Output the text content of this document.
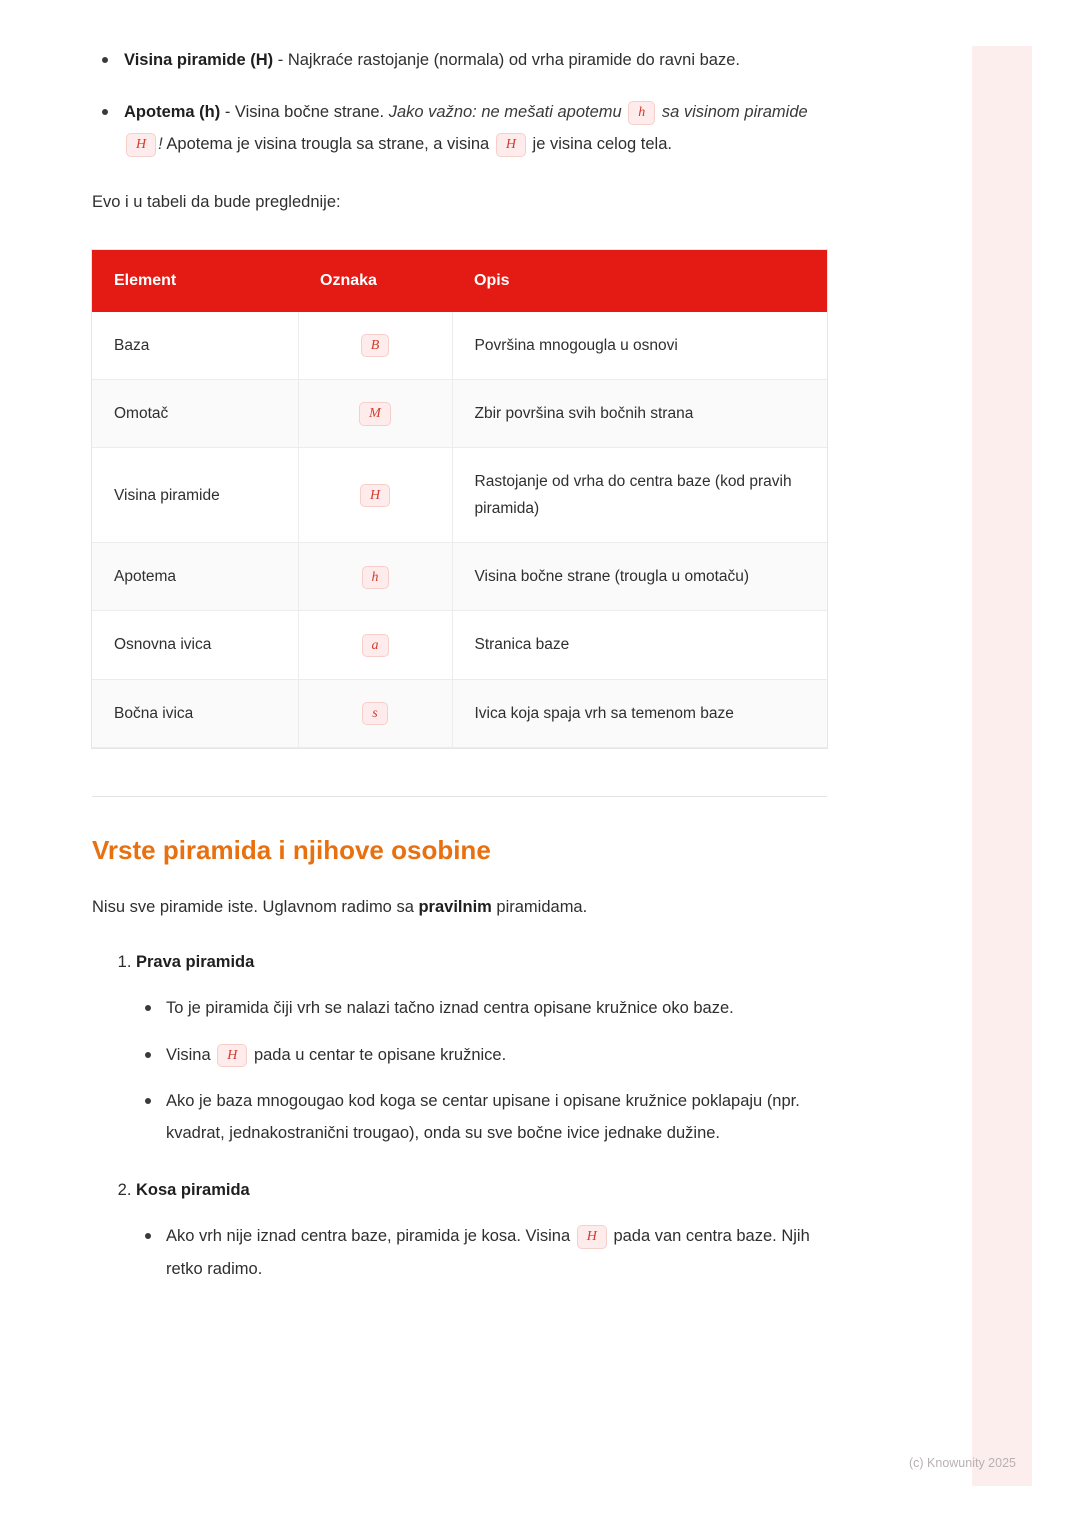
Visina piramide (H) - Najkraće rastojanje (normala) od vrha piramide do ravni baze.
Apotema (h) - Visina bočne strane. Jako važno: ne mešati apotemu h sa visinom piramide H ! Apotema je visina trougla sa strane, a visina H je visina celog tela.

Evo i u tabeli da bude preglednije:

Element	Oznaka	Opis
Baza	B	Površina mnogougla u osnovi
Omotač	M	Zbir površina svih bočnih strana
Visina piramide	H	Rastojanje od vrha do centra baze (kod pravih piramida)
Apotema	h	Visina bočne strane (trougla u omotaču)
Osnovna ivica	a	Stranica baze
Bočna ivica	s	Ivica koja spaja vrh sa temenom baze
Vrste piramida i njihove osobine

Nisu sve piramide iste. Uglavnom radimo sa pravilnim piramidama.

1. Prava piramida
To je piramida čiji vrh se nalazi tačno iznad centra opisane kružnice oko baze.
Visina H pada u centar te opisane kružnice.
Ako je baza mnogougao kod koga se centar upisane i opisane kružnice poklapaju (npr. kvadrat, jednakostranični trougao), onda su sve bočne ivice jednake dužine.
2. Kosa piramida
Ako vrh nije iznad centra baze, piramida je kosa. Visina H pada van centra baze. Njih retko radimo.
(c) Knowunity 2025
